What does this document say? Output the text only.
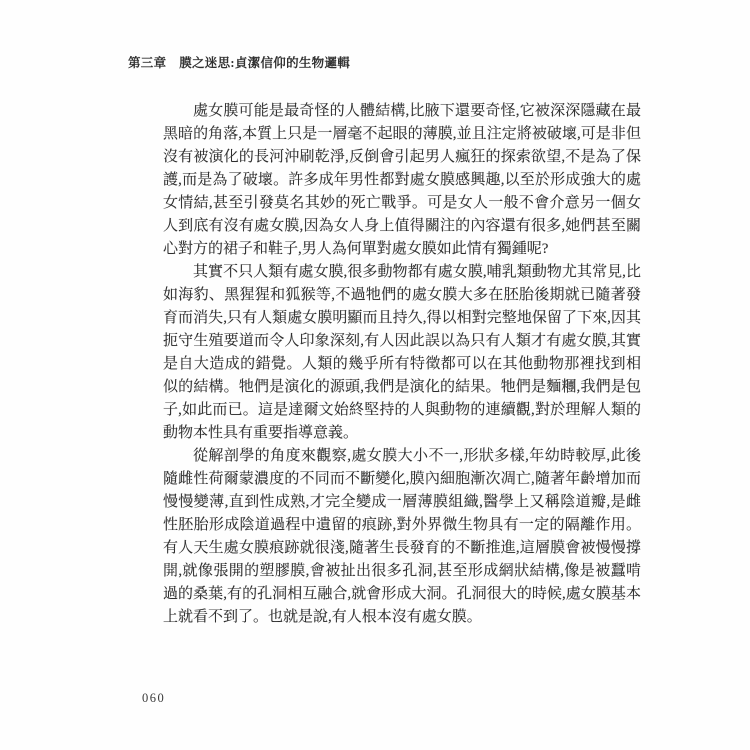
第三章　膜之迷思:貞潔信仰的生物邏輯

處女膜可能是最奇怪的人體結構,比腋下還要奇怪,它被深深隱藏在最黑暗的角落,本質上只是一層毫不起眼的薄膜,並且注定將被破壞,可是非但沒有被演化的長河沖刷乾淨,反倒會引起男人瘋狂的探索欲望,不是為了保護,而是為了破壞。許多成年男性都對處女膜感興趣,以至於形成強大的處女情結,甚至引發莫名其妙的死亡戰爭。可是女人一般不會介意另一個女人到底有沒有處女膜,因為女人身上值得關注的內容還有很多,她們甚至關心對方的裙子和鞋子,男人為何單對處女膜如此情有獨鍾呢?

其實不只人類有處女膜,很多動物都有處女膜,哺乳類動物尤其常見,比如海豹、黑猩猩和狐猴等,不過牠們的處女膜大多在胚胎後期就已隨著發育而消失,只有人類處女膜明顯而且持久,得以相對完整地保留了下來,因其扼守生殖要道而令人印象深刻,有人因此誤以為只有人類才有處女膜,其實是自大造成的錯覺。人類的幾乎所有特徵都可以在其他動物那裡找到相似的結構。牠們是演化的源頭,我們是演化的結果。牠們是麵糰,我們是包子,如此而已。這是達爾文始終堅持的人與動物的連續觀,對於理解人類的動物本性具有重要指導意義。

從解剖學的角度來觀察,處女膜大小不一,形狀多樣,年幼時較厚,此後隨雌性荷爾蒙濃度的不同而不斷變化,膜內細胞漸次凋亡,隨著年齡增加而慢慢變薄,直到性成熟,才完全變成一層薄膜組織,醫學上又稱陰道瓣,是雌性胚胎形成陰道過程中遺留的痕跡,對外界微生物具有一定的隔離作用。有人天生處女膜痕跡就很淺,隨著生長發育的不斷推進,這層膜會被慢慢撐開,就像張開的塑膠膜,會被扯出很多孔洞,甚至形成網狀結構,像是被蠶啃過的桑葉,有的孔洞相互融合,就會形成大洞。孔洞很大的時候,處女膜基本上就看不到了。也就是說,有人根本沒有處女膜。

060
